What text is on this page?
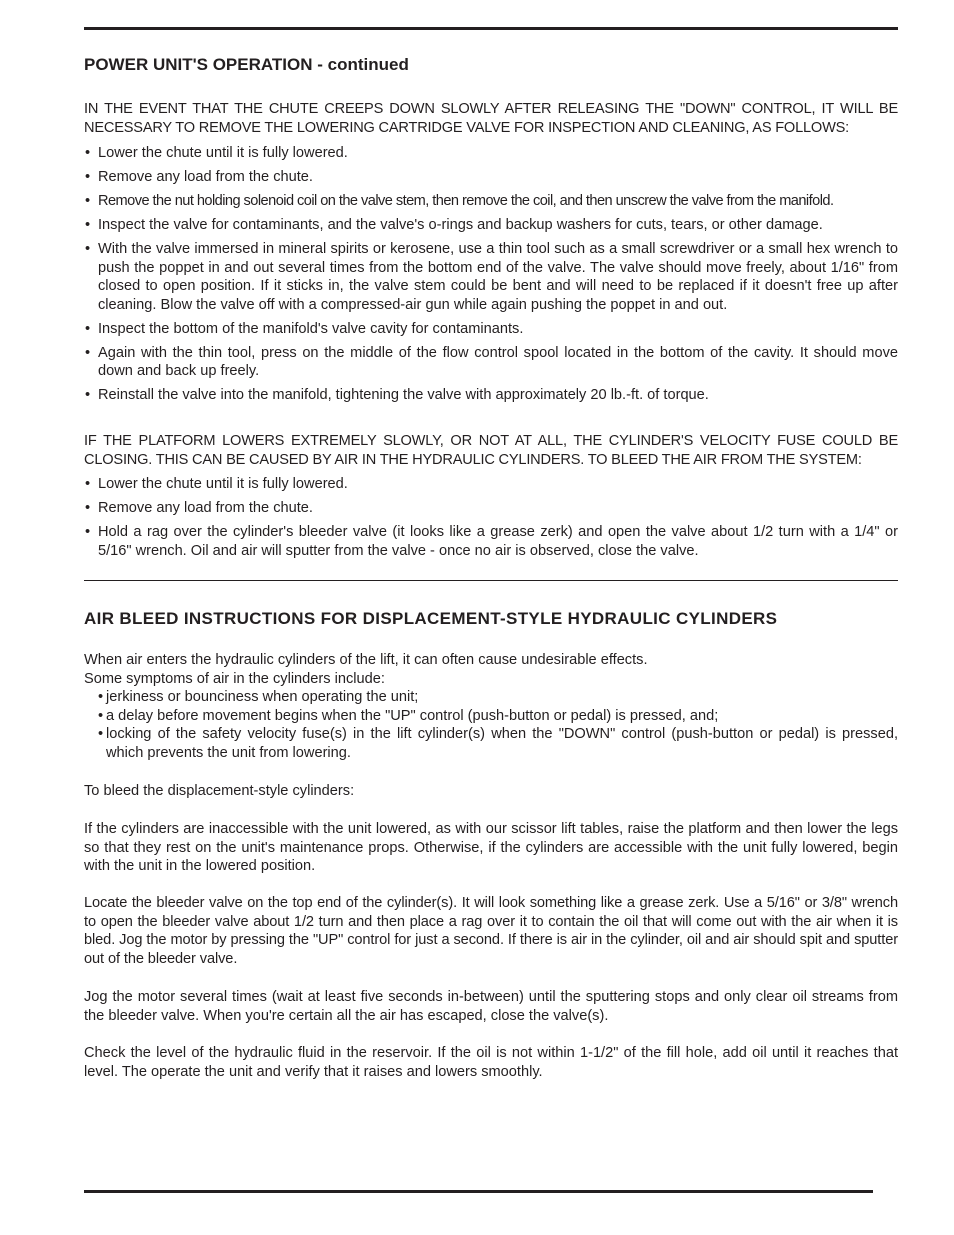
POWER UNIT'S OPERATION - continued

IN THE EVENT THAT THE CHUTE CREEPS DOWN SLOWLY AFTER RELEASING THE "DOWN" CONTROL, IT WILL BE NECESSARY TO REMOVE THE LOWERING CARTRIDGE VALVE FOR INSPECTION AND CLEANING, AS FOLLOWS:

• Lower the chute until it is fully lowered.
• Remove any load from the chute.
• Remove the nut holding solenoid coil on the valve stem, then remove the coil, and then unscrew the valve from the manifold.
• Inspect the valve for contaminants, and the valve's o-rings and backup washers for cuts, tears, or other damage.
• With the valve immersed in mineral spirits or kerosene, use a thin tool such as a small screwdriver or a small hex wrench to push the poppet in and out several times from the bottom end of the valve. The valve should move freely, about 1/16" from closed to open position. If it sticks in, the valve stem could be bent and will need to be replaced if it doesn't free up after cleaning. Blow the valve off with a compressed-air gun while again pushing the poppet in and out.
• Inspect the bottom of the manifold's valve cavity for contaminants.
• Again with the thin tool, press on the middle of the flow control spool located in the bottom of the cavity. It should move down and back up freely.
• Reinstall the valve into the manifold, tightening the valve with approximately 20 lb.-ft. of torque.

IF THE PLATFORM LOWERS EXTREMELY SLOWLY, OR NOT AT ALL, THE CYLINDER'S VELOCITY FUSE COULD BE CLOSING. THIS CAN BE CAUSED BY AIR IN THE HYDRAULIC CYLINDERS. TO BLEED THE AIR FROM THE SYSTEM:

• Lower the chute until it is fully lowered.
• Remove any load from the chute.
• Hold a rag over the cylinder's bleeder valve (it looks like a grease zerk) and open the valve about 1/2 turn with a 1/4" or 5/16" wrench. Oil and air will sputter from the valve - once no air is observed, close the valve.
AIR BLEED INSTRUCTIONS FOR DISPLACEMENT-STYLE HYDRAULIC CYLINDERS
When air enters the hydraulic cylinders of the lift, it can often cause undesirable effects.
Some symptoms of air in the cylinders include:
• jerkiness or bounciness when operating the unit;
• a delay before movement begins when the "UP" control (push-button or pedal) is pressed, and;
• locking of the safety velocity fuse(s) in the lift cylinder(s) when the "DOWN" control (push-button or pedal) is pressed, which prevents the unit from lowering.

To bleed the displacement-style cylinders:

If the cylinders are inaccessible with the unit lowered, as with our scissor lift tables, raise the platform and then lower the legs so that they rest on the unit's maintenance props. Otherwise, if the cylinders are accessible with the unit fully lowered, begin with the unit in the lowered position.

Locate the bleeder valve on the top end of the cylinder(s). It will look something like a grease zerk. Use a 5/16" or 3/8" wrench to open the bleeder valve about 1/2 turn and then place a rag over it to contain the oil that will come out with the air when it is bled. Jog the motor by pressing the "UP" control for just a second. If there is air in the cylinder, oil and air should spit and sputter out of the bleeder valve.

Jog the motor several times (wait at least five seconds in-between) until the sputtering stops and only clear oil streams from the bleeder valve. When you're certain all the air has escaped, close the valve(s).

Check the level of the hydraulic fluid in the reservoir. If the oil is not within 1-1/2" of the fill hole, add oil until it reaches that level. The operate the unit and verify that it raises and lowers smoothly.
